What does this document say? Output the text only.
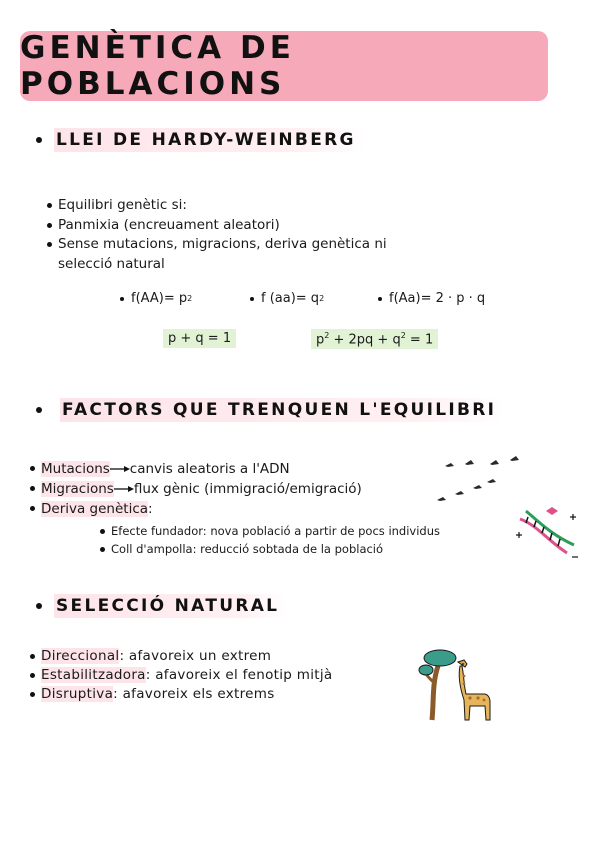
GENÈTICA DE POBLACIONS
LLEI DE HARDY-WEINBERG
Equilibri genètic si:
Panmixia (encreuament aleatori)
Sense mutacions, migracions, deriva genètica ni selecció natural
f(AA)= p 2	f (aa)= q 2	f(Aa)= 2 · p · q
p + q = 1	$p^2 + 2pq + q^2 = 1$
FACTORS QUE TRENQUEN L'EQUILIBRI
Mutacions canvis aleatoris a l'ADN
Migracions flux gènic (immigració/emigració)
Deriva genètica:
Efecte fundador: nova població a partir de pocs individus
Coll d'ampolla: reducció sobtada de la població
SELECCIÓ NATURAL
Direccional: afavoreix un extrem
Estabilitzadora: afavoreix el fenotip mitjà
Disruptiva: afavoreix els extrems
